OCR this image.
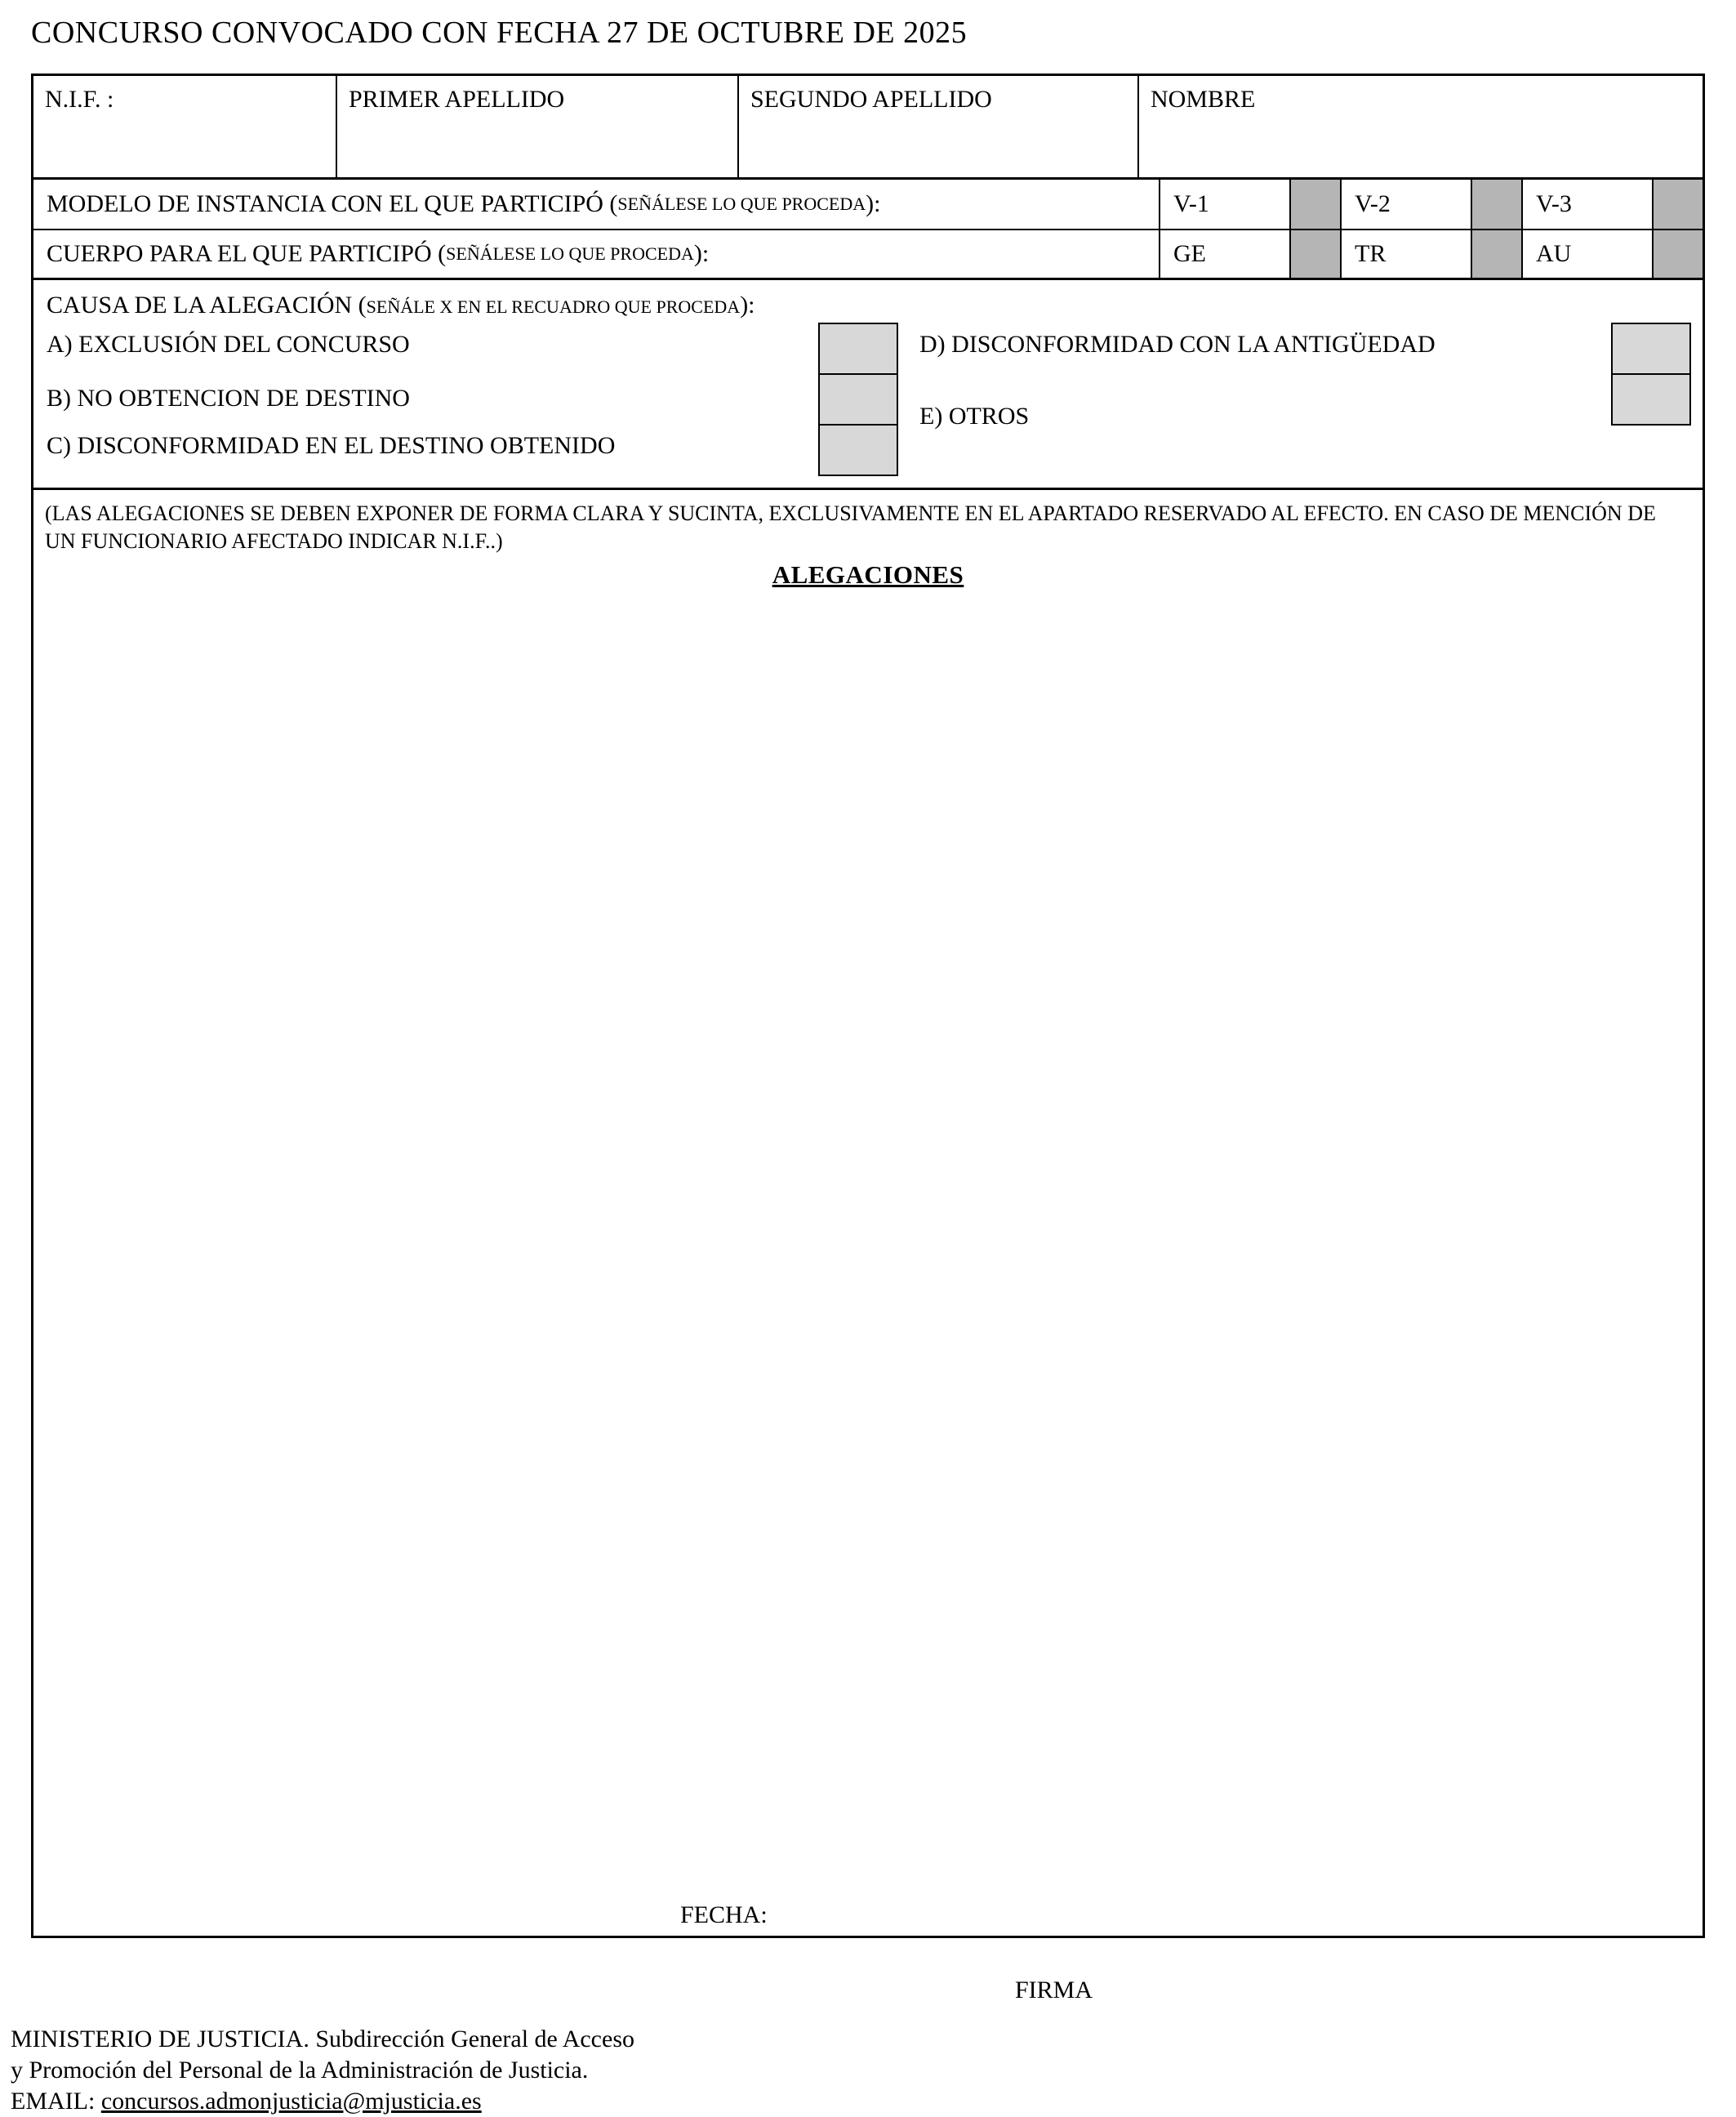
CONCURSO CONVOCADO CON FECHA 27 DE OCTUBRE DE 2025
N.I.F. :	PRIMER APELLIDO	SEGUNDO APELLIDO	NOMBRE
MODELO DE INSTANCIA CON EL QUE PARTICIPÓ ( SEÑÁLESE LO QUE PROCEDA ):	V-1	V-2	V-3
CUERPO PARA EL QUE PARTICIPÓ ( SEÑÁLESE LO QUE PROCEDA ):	GE	TR	AU
CAUSA DE LA ALEGACIÓN (SEÑÁLE X EN EL RECUADRO QUE PROCEDA):
A) EXCLUSIÓN DEL CONCURSO
B) NO OBTENCION DE DESTINO
C) DISCONFORMIDAD EN EL DESTINO OBTENIDO
D) DISCONFORMIDAD CON LA ANTIGÜEDAD
E) OTROS
(LAS ALEGACIONES SE DEBEN EXPONER DE FORMA CLARA Y SUCINTA, EXCLUSIVAMENTE EN EL APARTADO RESERVADO AL EFECTO. EN CASO DE MENCIÓN DE UN FUNCIONARIO AFECTADO INDICAR N.I.F..)
ALEGACIONES
FECHA:
FIRMA
MINISTERIO DE JUSTICIA. Subdirección General de Acceso
y Promoción del Personal de la Administración de Justicia.
EMAIL: concursos.admonjusticia@mjusticia.es
